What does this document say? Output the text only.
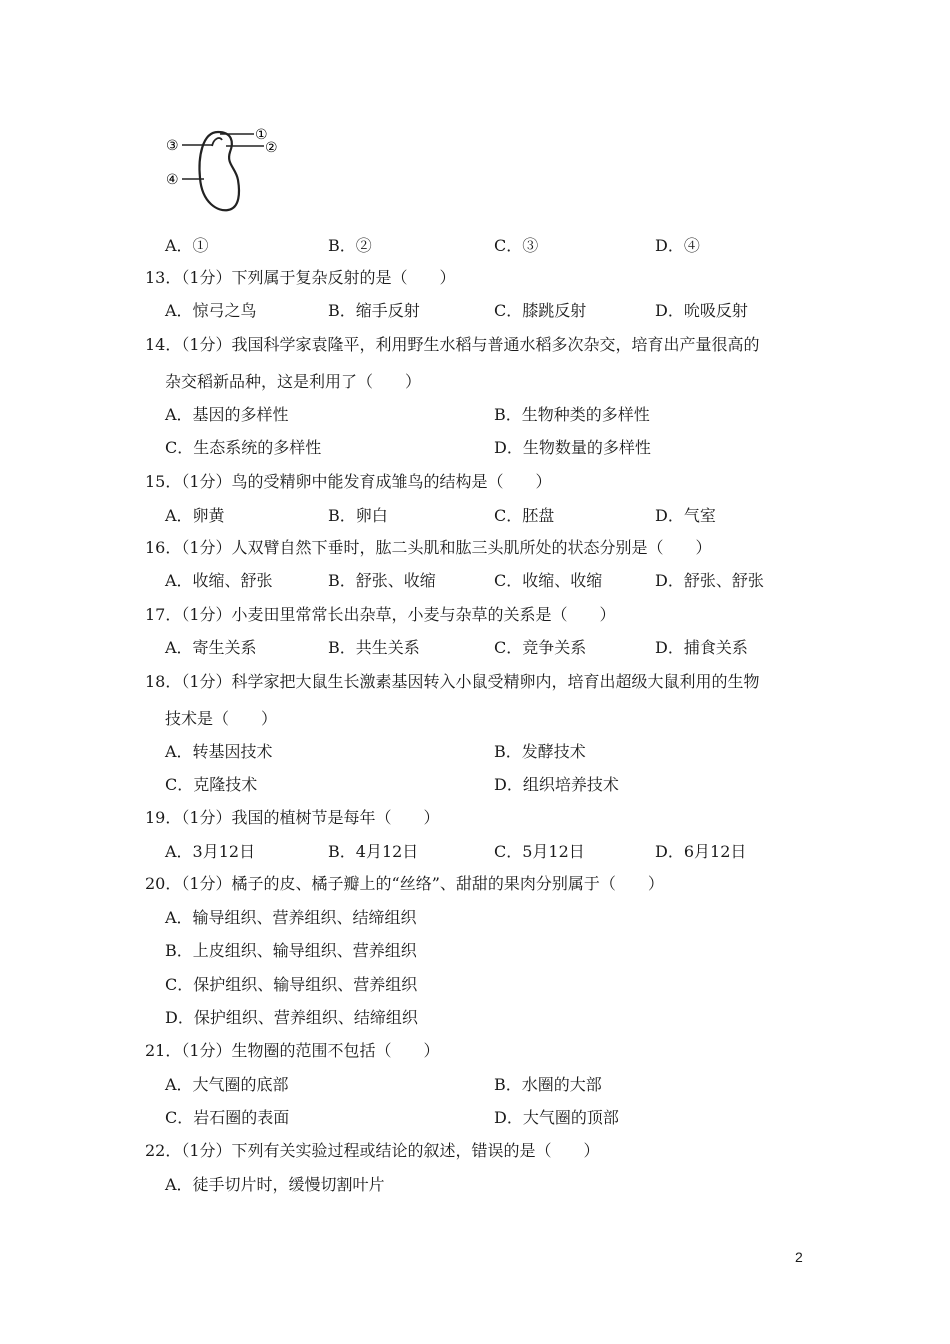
①
②
③
④
A．①	B．②	C．③	D．④
13．（1分）下列属于复杂反射的是（　　）
A．惊弓之鸟	B．缩手反射	C．膝跳反射	D．吮吸反射
14．（1分）我国科学家袁隆平，利用野生水稻与普通水稻多次杂交，培育出产量很高的
杂交稻新品种，这是利用了（　　）
A．基因的多样性	B．生物种类的多样性
C．生态系统的多样性	D．生物数量的多样性
15．（1分）鸟的受精卵中能发育成雏鸟的结构是（　　）
A．卵黄	B．卵白	C．胚盘	D．气室
16．（1分）人双臂自然下垂时，肱二头肌和肱三头肌所处的状态分别是（　　）
A．收缩、舒张	B．舒张、收缩	C．收缩、收缩	D．舒张、舒张
17．（1分）小麦田里常常长出杂草，小麦与杂草的关系是（　　）
A．寄生关系	B．共生关系	C．竞争关系	D．捕食关系
18．（1分）科学家把大鼠生长激素基因转入小鼠受精卵内，培育出超级大鼠利用的生物
技术是（　　）
A．转基因技术	B．发酵技术
C．克隆技术	D．组织培养技术
19．（1分）我国的植树节是每年（　　）
A．3月12日	B．4月12日	C．5月12日	D．6月12日
20．（1分）橘子的皮、橘子瓣上的“丝络”、甜甜的果肉分别属于（　　）
A．输导组织、营养组织、结缔组织
B．上皮组织、输导组织、营养组织
C．保护组织、输导组织、营养组织
D．保护组织、营养组织、结缔组织
21．（1分）生物圈的范围不包括（　　）
A．大气圈的底部	B．水圈的大部
C．岩石圈的表面	D．大气圈的顶部
22．（1分）下列有关实验过程或结论的叙述，错误的是（　　）
A．徒手切片时，缓慢切割叶片
2
